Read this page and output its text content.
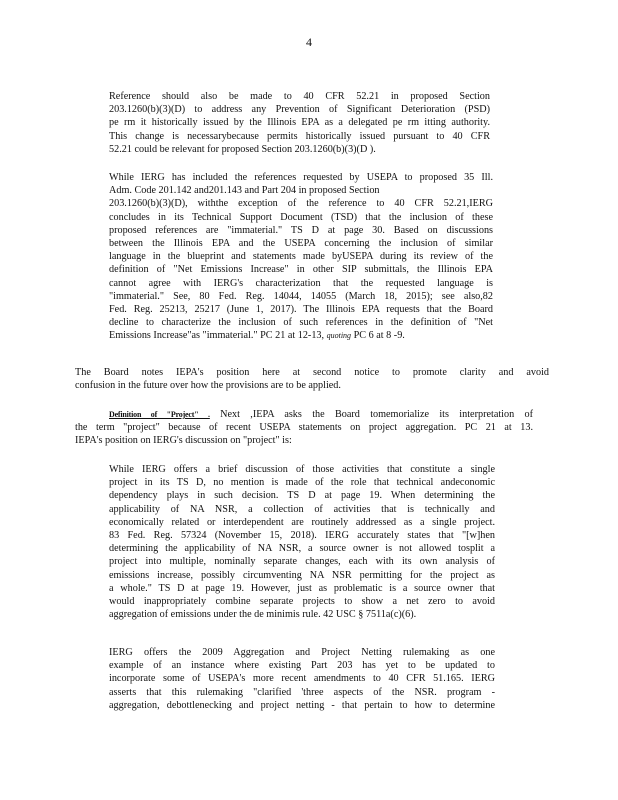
4
Reference should also be made to 40 CFR 52.21 in proposed Section
203.1260(b)(3)(D) to address any Prevention of Significant Deterioration (PSD)
pe rm it historically issued by the Illinois EPA as a delegated pe rm itting authority.
This change is necessarybecause permits historically issued pursuant to 40 CFR
52.21 could be relevant for proposed Section 203.1260(b)(3)(D ).
While IERG has included the references requested by USEPA to proposed 35 Ill.
Adm. Code 201.142 and201.143 and Part 204 in proposed Section
203.1260(b)(3)(D), withthe exception of the reference to 40 CFR 52.21,IERG
concludes in its Technical Support Document (TSD) that the inclusion of these
proposed references are "immaterial." TS D at page 30. Based on discussions
between the Illinois EPA and the USEPA concerning the inclusion of similar
language in the blueprint and statements made byUSEPA during its review of the
definition of "Net Emissions Increase" in other SIP submittals, the Illinois EPA
cannot agree with IERG's characterization that the requested language is
"immaterial." See, 80 Fed. Reg. 14044, 14055 (March 18, 2015); see also,82
Fed. Reg. 25213, 25217 (June 1, 2017). The Illinois EPA requests that the Board
decline to characterize the inclusion of such references in the definition of "Net
Emissions Increase"as "immaterial." PC 21 at 12-13, quoting PC 6 at 8 -9.
The Board notes IEPA's position here at second notice to promote clarity and avoid
confusion in the future over how the provisions are to be applied.
Definition of "Project" . Next ,IEPA asks the Board tomemorialize its interpretation of
the term "project" because of recent USEPA statements on project aggregation. PC 21 at 13.
IEPA's position on IERG's discussion on "project" is:
While IERG offers a brief discussion of those activities that constitute a single
project in its TS D, no mention is made of the role that technical andeconomic
dependency plays in such decision. TS D at page 19. When determining the
applicability of NA NSR, a collection of activities that is technically and
economically related or interdependent are routinely addressed as a single project.
83 Fed. Reg. 57324 (November 15, 2018). IERG accurately states that "[w]hen
determining the applicability of NA NSR, a source owner is not allowed tosplit a
project into multiple, nominally separate changes, each with its own analysis of
emissions increase, possibly circumventing NA NSR permitting for the project as
a whole." TS D at page 19. However, just as problematic is a source owner that
would inappropriately combine separate projects to show a net zero to avoid
aggregation of emissions under the de minimis rule. 42 USC § 7511a(c)(6).
IERG offers the 2009 Aggregation and Project Netting rulemaking as one
example of an instance where existing Part 203 has yet to be updated to
incorporate some of USEPA's more recent amendments to 40 CFR 51.165. IERG
asserts that this rulemaking "clarified 'three aspects of the NSR. program -
aggregation, debottlenecking and project netting - that pertain to how to determine
